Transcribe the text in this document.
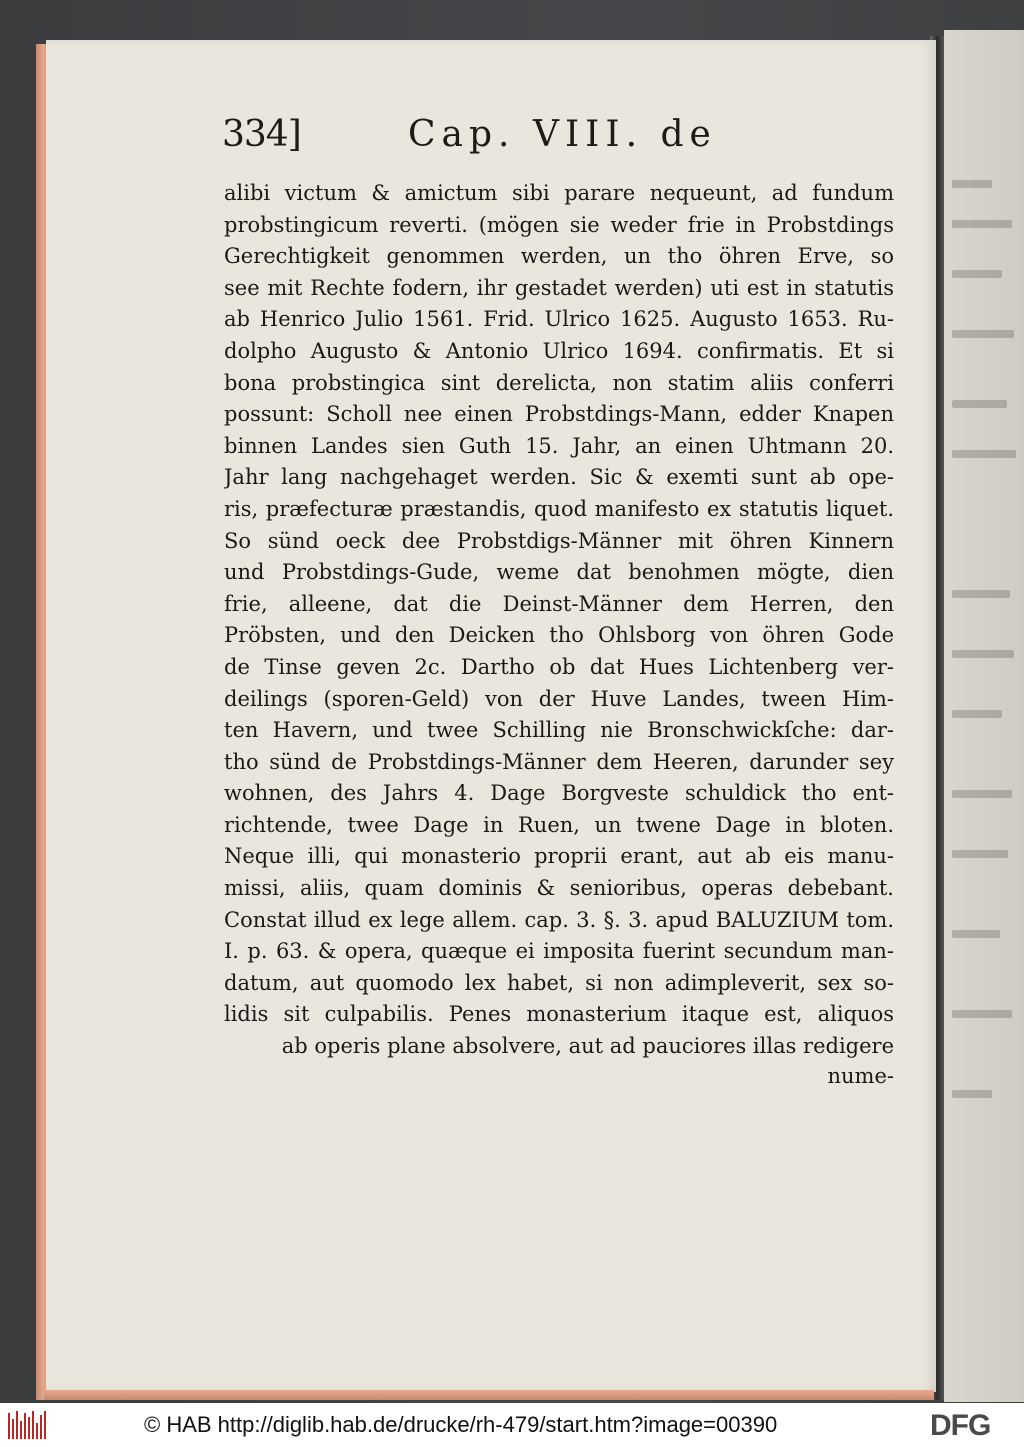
334]	Cap. VIII. de
alibi victum & amictum sibi parare nequeunt, ad fundum
probstingicum reverti. (mögen sie weder frie in Probstdings
Gerechtigkeit genommen werden, un tho öhren Erve, so
see mit Rechte fodern, ihr gestadet werden) uti est in statutis
ab Henrico Julio 1561. Frid. Ulrico 1625. Augusto 1653. Ru-
dolpho Augusto & Antonio Ulrico 1694. confirmatis. Et si
bona probstingica sint derelicta, non statim aliis conferri
possunt: Scholl nee einen Probstdings-Mann, edder Knapen
binnen Landes sien Guth 15. Jahr, an einen Uhtmann 20.
Jahr lang nachgehaget werden. Sic & exemti sunt ab ope-
ris, præfecturæ præstandis, quod manifesto ex statutis liquet.
So sünd oeck dee Probstdigs-Männer mit öhren Kinnern
und Probstdings-Gude, weme dat benohmen mögte, dien
frie, alleene, dat die Deinst-Männer dem Herren, den
Pröbsten, und den Deicken tho Ohlsborg von öhren Gode
de Tinse geven 2c. Dartho ob dat Hues Lichtenberg ver-
deilings (sporen-Geld) von der Huve Landes, tween Him-
ten Havern, und twee Schilling nie Bronschwickſche: dar-
tho sünd de Probstdings-Männer dem Heeren, darunder sey
wohnen, des Jahrs 4. Dage Borgveste schuldick tho ent-
richtende, twee Dage in Ruen, un twene Dage in bloten.
Neque illi, qui monasterio proprii erant, aut ab eis manu-
missi, aliis, quam dominis & senioribus, operas debebant.
Constat illud ex lege allem. cap. 3. §. 3. apud BALUZIUM tom.
I. p. 63. & opera, quæque ei imposita fuerint secundum man-
datum, aut quomodo lex habet, si non adimpleverit, sex so-
lidis sit culpabilis. Penes monasterium itaque est, aliquos
ab operis plane absolvere, aut ad pauciores illas redigere
nume-
© HAB http://diglib.hab.de/drucke/rh-479/start.htm?image=00390	DFG
